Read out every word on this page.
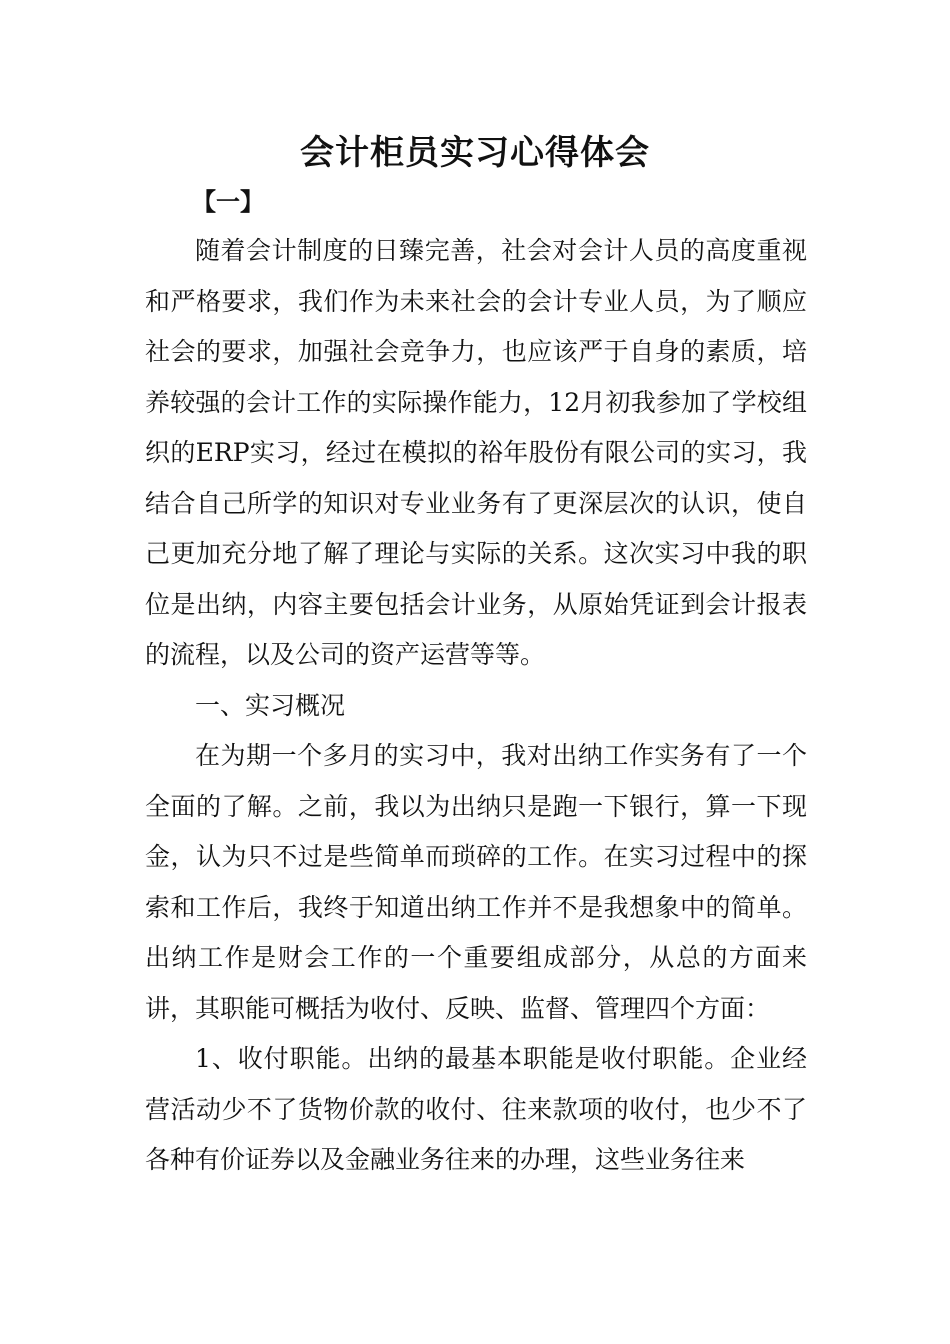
会计柜员实习心得体会
【一】

随着会计制度的日臻完善，社会对会计人员的高度重视和严格要求，我们作为未来社会的会计专业人员，为了顺应社会的要求，加强社会竞争力，也应该严于自身的素质，培养较强的会计工作的实际操作能力，12月初我参加了学校组织的ERP实习，经过在模拟的裕年股份有限公司的实习，我结合自己所学的知识对专业业务有了更深层次的认识，使自己更加充分地了解了理论与实际的关系。这次实习中我的职位是出纳，内容主要包括会计业务，从原始凭证到会计报表的流程，以及公司的资产运营等等。

一、实习概况

在为期一个多月的实习中，我对出纳工作实务有了一个全面的了解。之前，我以为出纳只是跑一下银行，算一下现金，认为只不过是些简单而琐碎的工作。在实习过程中的探索和工作后，我终于知道出纳工作并不是我想象中的简单。出纳工作是财会工作的一个重要组成部分，从总的方面来讲，其职能可概括为收付、反映、监督、管理四个方面：

1、收付职能。出纳的最基本职能是收付职能。企业经营活动少不了货物价款的收付、往来款项的收付，也少不了各种有价证券以及金融业务往来的办理，这些业务往来
